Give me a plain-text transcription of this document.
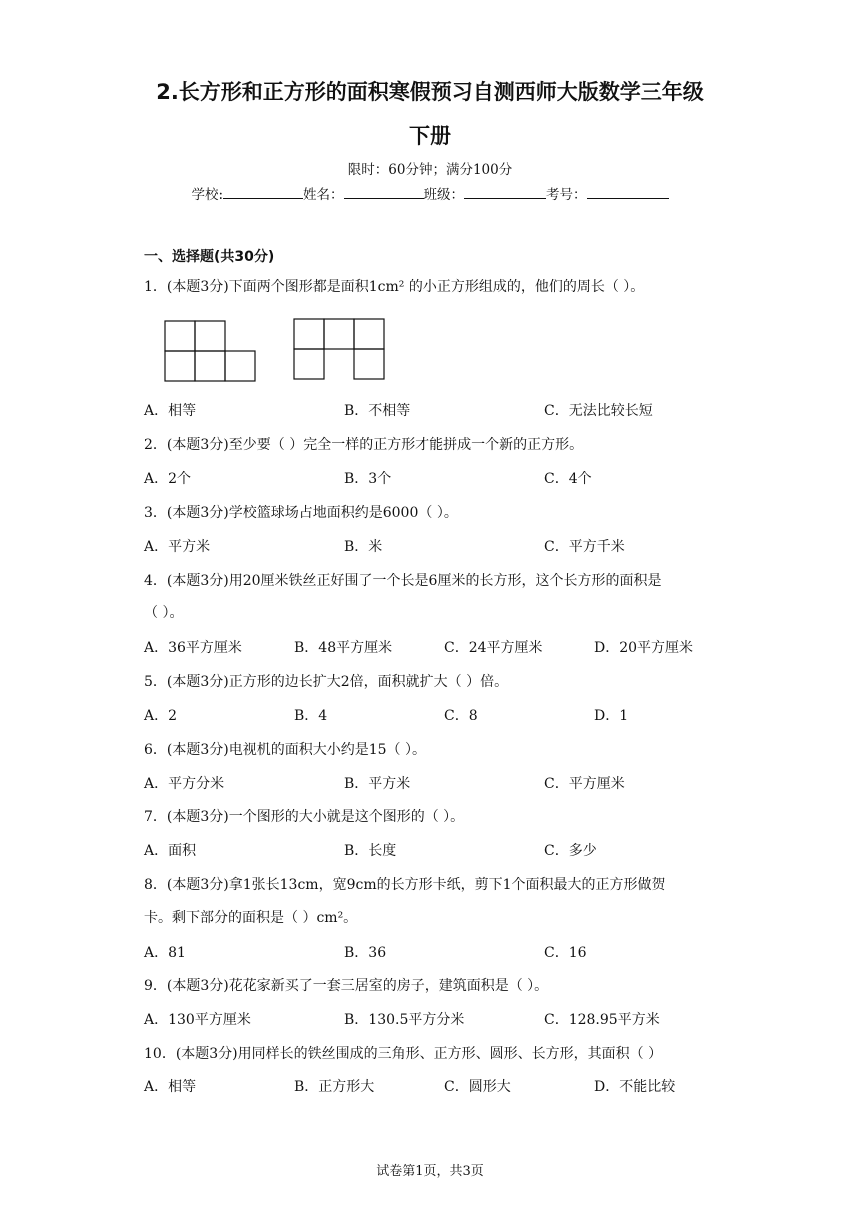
2.长方形和正方形的面积寒假预习自测西师大版数学三年级
下册
限时：60分钟；满分100分
学校:	姓名：	班级：	考号：
一、选择题(共30分)
1．(本题3分)下面两个图形都是面积1cm² 的小正方形组成的，他们的周长（ ）。
A．相等	B．不相等	C．无法比较长短
2．(本题3分)至少要（ ）完全一样的正方形才能拼成一个新的正方形。
A．2个	B．3个	C．4个
3．(本题3分)学校篮球场占地面积约是6000（ ）。
A．平方米	B．米	C．平方千米
4．(本题3分)用20厘米铁丝正好围了一个长是6厘米的长方形，这个长方形的面积是
（ ）。
A．36平方厘米	B．48平方厘米	C．24平方厘米	D．20平方厘米
5．(本题3分)正方形的边长扩大2倍，面积就扩大（ ）倍。
A．2	B．4	C．8	D．1
6．(本题3分)电视机的面积大小约是15（ ）。
A．平方分米	B．平方米	C．平方厘米
7．(本题3分)一个图形的大小就是这个图形的（ ）。
A．面积	B．长度	C．多少
8．(本题3分)拿1张长13cm，宽9cm的长方形卡纸，剪下1个面积最大的正方形做贺
卡。剩下部分的面积是（ ）cm²。
A．81	B．36	C．16
9．(本题3分)花花家新买了一套三居室的房子，建筑面积是（ ）。
A．130平方厘米	B．130.5平方分米	C．128.95平方米
10．(本题3分)用同样长的铁丝围成的三角形、正方形、圆形、长方形，其面积（ ）
A．相等	B．正方形大	C．圆形大	D．不能比较
试卷第1页，共3页
